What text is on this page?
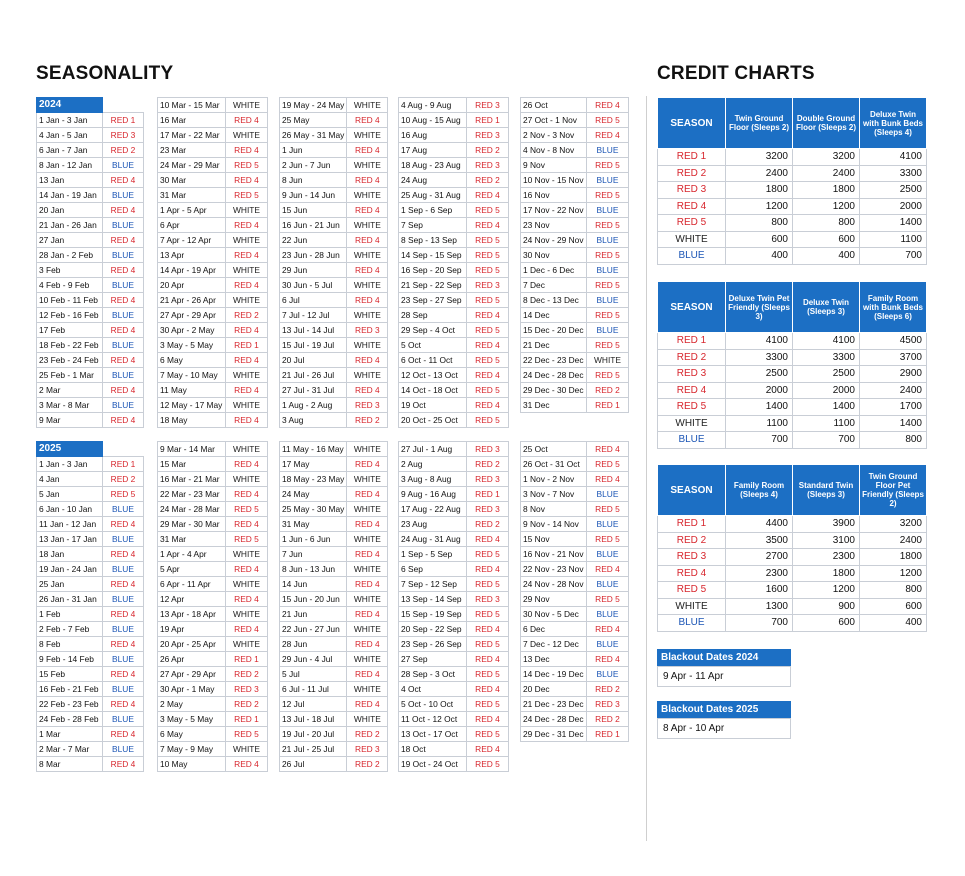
SEASONALITY	CREDIT CHARTS
2024	
1 Jan - 3 Jan	RED 1
4 Jan - 5 Jan	RED 3
6 Jan - 7 Jan	RED 2
8 Jan - 12 Jan	BLUE
13 Jan	RED 4
14 Jan - 19 Jan	BLUE
20 Jan	RED 4
21 Jan - 26 Jan	BLUE
27 Jan	RED 4
28 Jan - 2 Feb	BLUE
3 Feb	RED 4
4 Feb - 9 Feb	BLUE
10 Feb - 11 Feb	RED 4
12 Feb - 16 Feb	BLUE
17 Feb	RED 4
18 Feb - 22 Feb	BLUE
23 Feb - 24 Feb	RED 4
25 Feb - 1 Mar	BLUE
2 Mar	RED 4
3 Mar - 8 Mar	BLUE
9 Mar	RED 4
10 Mar - 15 Mar	WHITE
16 Mar	RED 4
17 Mar - 22 Mar	WHITE
23 Mar	RED 4
24 Mar - 29 Mar	RED 5
30 Mar	RED 4
31 Mar	RED 5
1 Apr - 5 Apr	WHITE
6 Apr	RED 4
7 Apr - 12 Apr	WHITE
13 Apr	RED 4
14 Apr - 19 Apr	WHITE
20 Apr	RED 4
21 Apr - 26 Apr	WHITE
27 Apr - 29 Apr	RED 2
30 Apr - 2 May	RED 4
3 May - 5 May	RED 1
6 May	RED 4
7 May - 10 May	WHITE
11 May	RED 4
12 May - 17 May	WHITE
18 May	RED 4
19 May - 24 May	WHITE
25 May	RED 4
26 May - 31 May	WHITE
1 Jun	RED 4
2 Jun - 7 Jun	WHITE
8 Jun	RED 4
9 Jun - 14 Jun	WHITE
15 Jun	RED 4
16 Jun - 21 Jun	WHITE
22 Jun	RED 4
23 Jun - 28 Jun	WHITE
29 Jun	RED 4
30 Jun - 5 Jul	WHITE
6 Jul	RED 4
7 Jul - 12 Jul	WHITE
13 Jul - 14 Jul	RED 3
15 Jul - 19 Jul	WHITE
20 Jul	RED 4
21 Jul - 26 Jul	WHITE
27 Jul - 31 Jul	RED 4
1 Aug - 2 Aug	RED 3
3 Aug	RED 2
4 Aug - 9 Aug	RED 3
10 Aug - 15 Aug	RED 1
16 Aug	RED 3
17 Aug	RED 2
18 Aug - 23 Aug	RED 3
24 Aug	RED 2
25 Aug - 31 Aug	RED 4
1 Sep - 6 Sep	RED 5
7 Sep	RED 4
8 Sep - 13 Sep	RED 5
14 Sep - 15 Sep	RED 5
16 Sep - 20 Sep	RED 5
21 Sep - 22 Sep	RED 3
23 Sep - 27 Sep	RED 5
28 Sep	RED 4
29 Sep - 4 Oct	RED 5
5 Oct	RED 4
6 Oct - 11 Oct	RED 5
12 Oct - 13 Oct	RED 4
14 Oct - 18 Oct	RED 5
19 Oct	RED 4
20 Oct - 25 Oct	RED 5
26 Oct	RED 4
27 Oct - 1 Nov	RED 5
2 Nov - 3 Nov	RED 4
4 Nov - 8 Nov	BLUE
9 Nov	RED 5
10 Nov - 15 Nov	BLUE
16 Nov	RED 5
17 Nov - 22 Nov	BLUE
23 Nov	RED 5
24 Nov - 29 Nov	BLUE
30 Nov	RED 5
1 Dec - 6 Dec	BLUE
7 Dec	RED 5
8 Dec - 13 Dec	BLUE
14 Dec	RED 5
15 Dec - 20 Dec	BLUE
21 Dec	RED 5
22 Dec - 23 Dec	WHITE
24 Dec - 28 Dec	RED 5
29 Dec - 30 Dec	RED 2
31 Dec	RED 1
2025	
1 Jan - 3 Jan	RED 1
4 Jan	RED 2
5 Jan	RED 5
6 Jan - 10 Jan	BLUE
11 Jan - 12 Jan	RED 4
13 Jan - 17 Jan	BLUE
18 Jan	RED 4
19 Jan - 24 Jan	BLUE
25 Jan	RED 4
26 Jan - 31 Jan	BLUE
1 Feb	RED 4
2 Feb - 7 Feb	BLUE
8 Feb	RED 4
9 Feb - 14 Feb	BLUE
15 Feb	RED 4
16 Feb - 21 Feb	BLUE
22 Feb - 23 Feb	RED 4
24 Feb - 28 Feb	BLUE
1 Mar	RED 4
2 Mar - 7 Mar	BLUE
8 Mar	RED 4
9 Mar - 14 Mar	WHITE
15 Mar	RED 4
16 Mar - 21 Mar	WHITE
22 Mar - 23 Mar	RED 4
24 Mar - 28 Mar	RED 5
29 Mar - 30 Mar	RED 4
31 Mar	RED 5
1 Apr - 4 Apr	WHITE
5 Apr	RED 4
6 Apr - 11 Apr	WHITE
12 Apr	RED 4
13 Apr - 18 Apr	WHITE
19 Apr	RED 4
20 Apr - 25 Apr	WHITE
26 Apr	RED 1
27 Apr - 29 Apr	RED 2
30 Apr - 1 May	RED 3
2 May	RED 2
3 May - 5 May	RED 1
6 May	RED 5
7 May - 9 May	WHITE
10 May	RED 4
11 May - 16 May	WHITE
17 May	RED 4
18 May - 23 May	WHITE
24 May	RED 4
25 May - 30 May	WHITE
31 May	RED 4
1 Jun - 6 Jun	WHITE
7 Jun	RED 4
8 Jun - 13 Jun	WHITE
14 Jun	RED 4
15 Jun - 20 Jun	WHITE
21 Jun	RED 4
22 Jun - 27 Jun	WHITE
28 Jun	RED 4
29 Jun - 4 Jul	WHITE
5 Jul	RED 4
6 Jul - 11 Jul	WHITE
12 Jul	RED 4
13 Jul - 18 Jul	WHITE
19 Jul - 20 Jul	RED 2
21 Jul - 25 Jul	RED 3
26 Jul	RED 2
27 Jul - 1 Aug	RED 3
2 Aug	RED 2
3 Aug - 8 Aug	RED 3
9 Aug - 16 Aug	RED 1
17 Aug - 22 Aug	RED 3
23 Aug	RED 2
24 Aug - 31 Aug	RED 4
1 Sep - 5 Sep	RED 5
6 Sep	RED 4
7 Sep - 12 Sep	RED 5
13 Sep - 14 Sep	RED 3
15 Sep - 19 Sep	RED 5
20 Sep - 22 Sep	RED 4
23 Sep - 26 Sep	RED 5
27 Sep	RED 4
28 Sep - 3 Oct	RED 5
4 Oct	RED 4
5 Oct - 10 Oct	RED 5
11 Oct - 12 Oct	RED 4
13 Oct - 17 Oct	RED 5
18 Oct	RED 4
19 Oct - 24 Oct	RED 5
25 Oct	RED 4
26 Oct - 31 Oct	RED 5
1 Nov - 2 Nov	RED 4
3 Nov - 7 Nov	BLUE
8 Nov	RED 5
9 Nov - 14 Nov	BLUE
15 Nov	RED 5
16 Nov - 21 Nov	BLUE
22 Nov - 23 Nov	RED 4
24 Nov - 28 Nov	BLUE
29 Nov	RED 5
30 Nov - 5 Dec	BLUE
6 Dec	RED 4
7 Dec - 12 Dec	BLUE
13 Dec	RED 4
14 Dec - 19 Dec	BLUE
20 Dec	RED 2
21 Dec - 23 Dec	RED 3
24 Dec - 28 Dec	RED 2
29 Dec - 31 Dec	RED 1
SEASON	Twin Ground Floor (Sleeps 2)	Double Ground Floor (Sleeps 2)	Deluxe Twin with Bunk Beds (Sleeps 4)
RED 1	3200	3200	4100
RED 2	2400	2400	3300
RED 3	1800	1800	2500
RED 4	1200	1200	2000
RED 5	800	800	1400
WHITE	600	600	1100
BLUE	400	400	700
SEASON	Deluxe Twin Pet Friendly (Sleeps 3)	Deluxe Twin (Sleeps 3)	Family Room with Bunk Beds (Sleeps 6)
RED 1	4100	4100	4500
RED 2	3300	3300	3700
RED 3	2500	2500	2900
RED 4	2000	2000	2400
RED 5	1400	1400	1700
WHITE	1100	1100	1400
BLUE	700	700	800
SEASON	Family Room (Sleeps 4)	Standard Twin (Sleeps 3)	Twin Ground Floor Pet Friendly (Sleeps 2)
RED 1	4400	3900	3200
RED 2	3500	3100	2400
RED 3	2700	2300	1800
RED 4	2300	1800	1200
RED 5	1600	1200	800
WHITE	1300	900	600
BLUE	700	600	400
Blackout Dates 2024
9 Apr - 11 Apr
Blackout Dates 2025
8 Apr - 10 Apr
